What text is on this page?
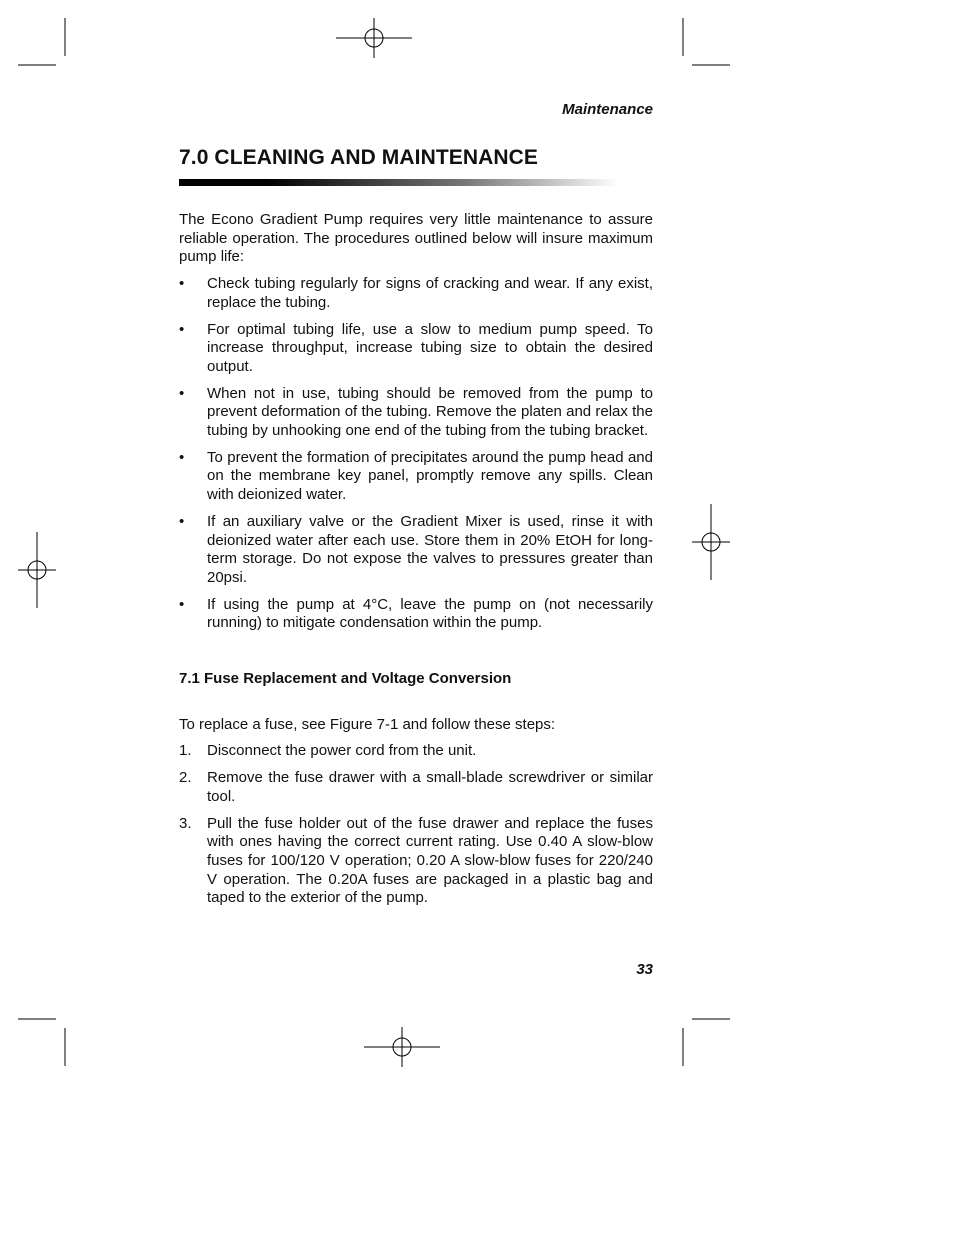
Maintenance
7.0 CLEANING AND MAINTENANCE

The Econo Gradient Pump requires very little maintenance to assure reliable operation. The procedures outlined below will insure maximum pump life:

• Check tubing regularly for signs of cracking and wear. If any exist, replace the tubing.
• For optimal tubing life, use a slow to medium pump speed. To increase throughput, increase tubing size to obtain the desired output.
• When not in use, tubing should be removed from the pump to prevent deformation of the tubing. Remove the platen and relax the tubing by unhooking one end of the tubing from the tubing bracket.
• To prevent the formation of precipitates around the pump head and on the membrane key panel, promptly remove any spills. Clean with deionized water.
• If an auxiliary valve or the Gradient Mixer is used, rinse it with deionized water after each use. Store them in 20% EtOH for long-term storage. Do not expose the valves to pressures greater than 20psi.
• If using the pump at 4°C, leave the pump on (not necessarily running) to mitigate condensation within the pump.
7.1 Fuse Replacement and Voltage Conversion

To replace a fuse, see Figure 7-1 and follow these steps:

1. Disconnect the power cord from the unit.
2. Remove the fuse drawer with a small-blade screwdriver or similar tool.
3. Pull the fuse holder out of the fuse drawer and replace the fuses with ones having the correct current rating. Use 0.40 A slow-blow fuses for 100/120 V operation; 0.20 A slow-blow fuses for 220/240 V operation. The 0.20A fuses are packaged in a plastic bag and taped to the exterior of the pump.
33
